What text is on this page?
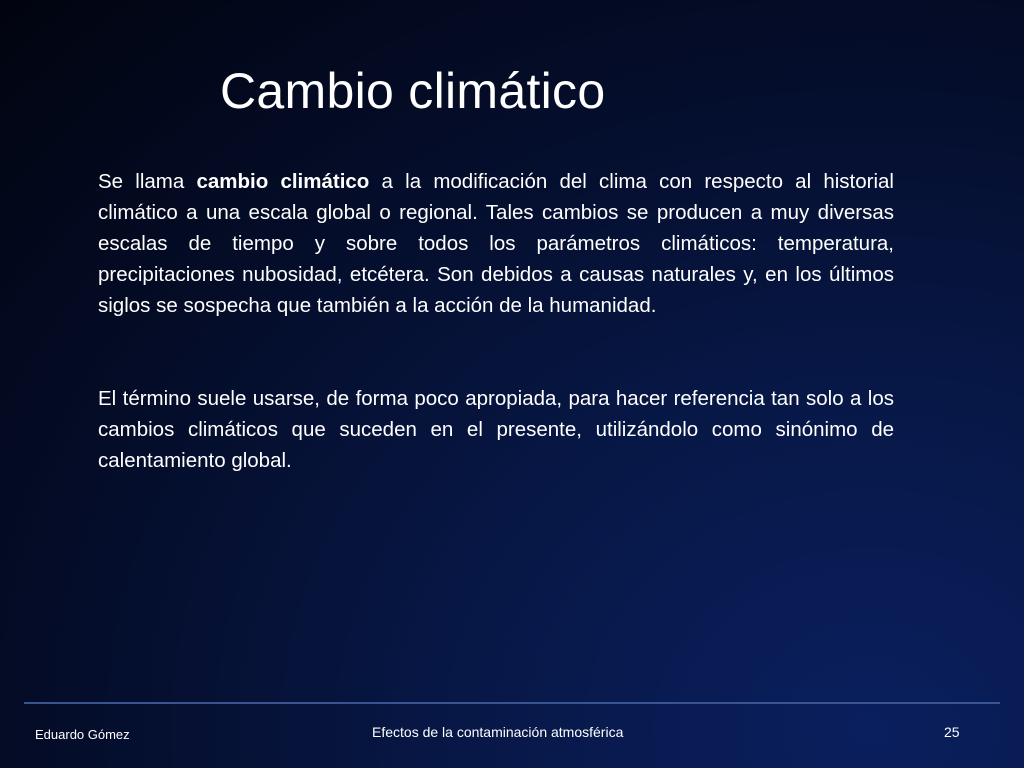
Cambio climático

Se llama cambio climático a la modificación del clima con respecto al historial climático a una escala global o regional. Tales cambios se producen a muy diversas escalas de tiempo y sobre todos los parámetros climáticos: temperatura, precipitaciones nubosidad, etcétera. Son debidos a causas naturales y, en los últimos siglos se sospecha que también a la acción de la humanidad.

El término suele usarse, de forma poco apropiada, para hacer referencia tan solo a los cambios climáticos que suceden en el presente, utilizándolo como sinónimo de calentamiento global.

Eduardo Gómez	Efectos de la contaminación atmosférica	25
